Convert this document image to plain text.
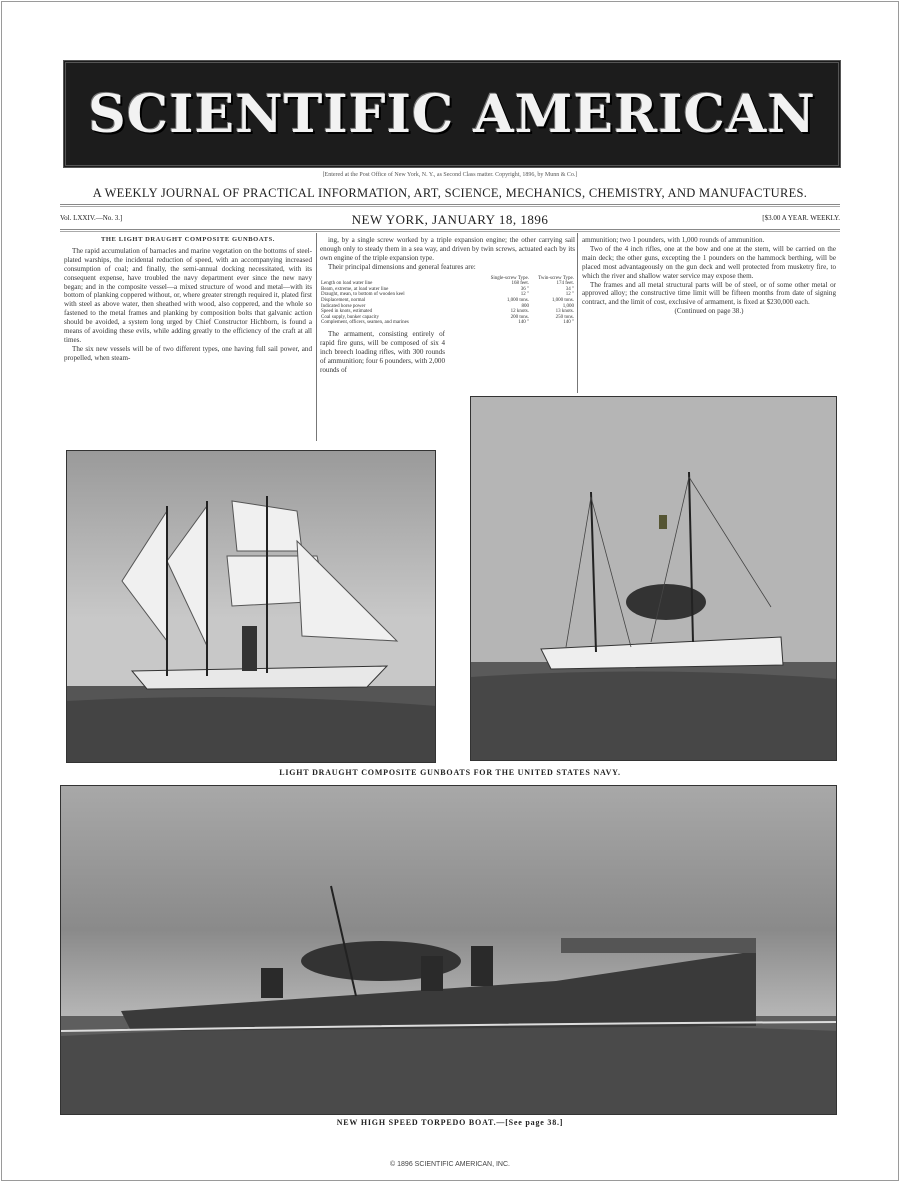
SCIENTIFIC AMERICAN
[Entered at the Post Office of New York, N. Y., as Second Class matter. Copyright, 1896, by Munn & Co.]
A WEEKLY JOURNAL OF PRACTICAL INFORMATION, ART, SCIENCE, MECHANICS, CHEMISTRY, AND MANUFACTURES.
Vol. LXXIV.—No. 3.]	NEW YORK, JANUARY 18, 1896	[$3.00 A YEAR. WEEKLY.
THE LIGHT DRAUGHT COMPOSITE GUNBOATS.

The rapid accumulation of barnacles and marine vegetation on the bottoms of steel-plated warships, the incidental reduction of speed, with an accompanying increased consumption of coal; and finally, the semi-annual docking necessitated, with its consequent expense, have troubled the navy department ever since the new navy began; and in the composite vessel—a mixed structure of wood and metal—with its bottom of planking coppered without, or, where greater strength required it, plated first with steel as above water, then sheathed with wood, also coppered, and the whole so fastened to the metal frames and planking by composition bolts that galvanic action should be avoided, a system long urged by Chief Constructor Hichborn, is found a means of avoiding these evils, while adding greatly to the efficiency of the craft at all times.

The six new vessels will be of two different types, one having full sail power, and propelled, when steam-

ing, by a single screw worked by a triple expansion engine; the other carrying sail enough only to steady them in a sea way, and driven by twin screws, actuated each by its own engine of the triple expansion type.

Their principal dimensions and general features are:

	Single-screw Type.	Twin-screw Type.
Length on load water line	168 feet.	174 feet.
Beam, extreme, at load water line	36 "	34 "
Draught, mean, to bottom of wooden keel	12 "	12 "
Displacement, normal	1,000 tons.	1,000 tons.
Indicated horse power	800	1,000
Speed in knots, estimated	12 knots.	13 knots.
Coal supply, bunker capacity	200 tons.	250 tons.
Complement, officers, seamen, and marines	140 "	140 "

The armament, consisting entirely of rapid fire guns, will be composed of six 4 inch breech loading rifles, with 300 rounds of ammunition; four 6 pounders, with 2,000 rounds of

ammunition; two 1 pounders, with 1,000 rounds of ammunition.

Two of the 4 inch rifles, one at the bow and one at the stern, will be carried on the main deck; the other guns, excepting the 1 pounders on the hammock berthing, will be placed most advantageously on the gun deck and well protected from musketry fire, to which the river and shallow water service may expose them.

The frames and all metal structural parts will be of steel, or of some other metal or approved alloy; the constructive time limit will be fifteen months from date of signing contract, and the limit of cost, exclusive of armament, is fixed at $230,000 each.

(Continued on page 38.)
LIGHT DRAUGHT COMPOSITE GUNBOATS FOR THE UNITED STATES NAVY.
NEW HIGH SPEED TORPEDO BOAT.—[See page 38.]
© 1896 SCIENTIFIC AMERICAN, INC.
